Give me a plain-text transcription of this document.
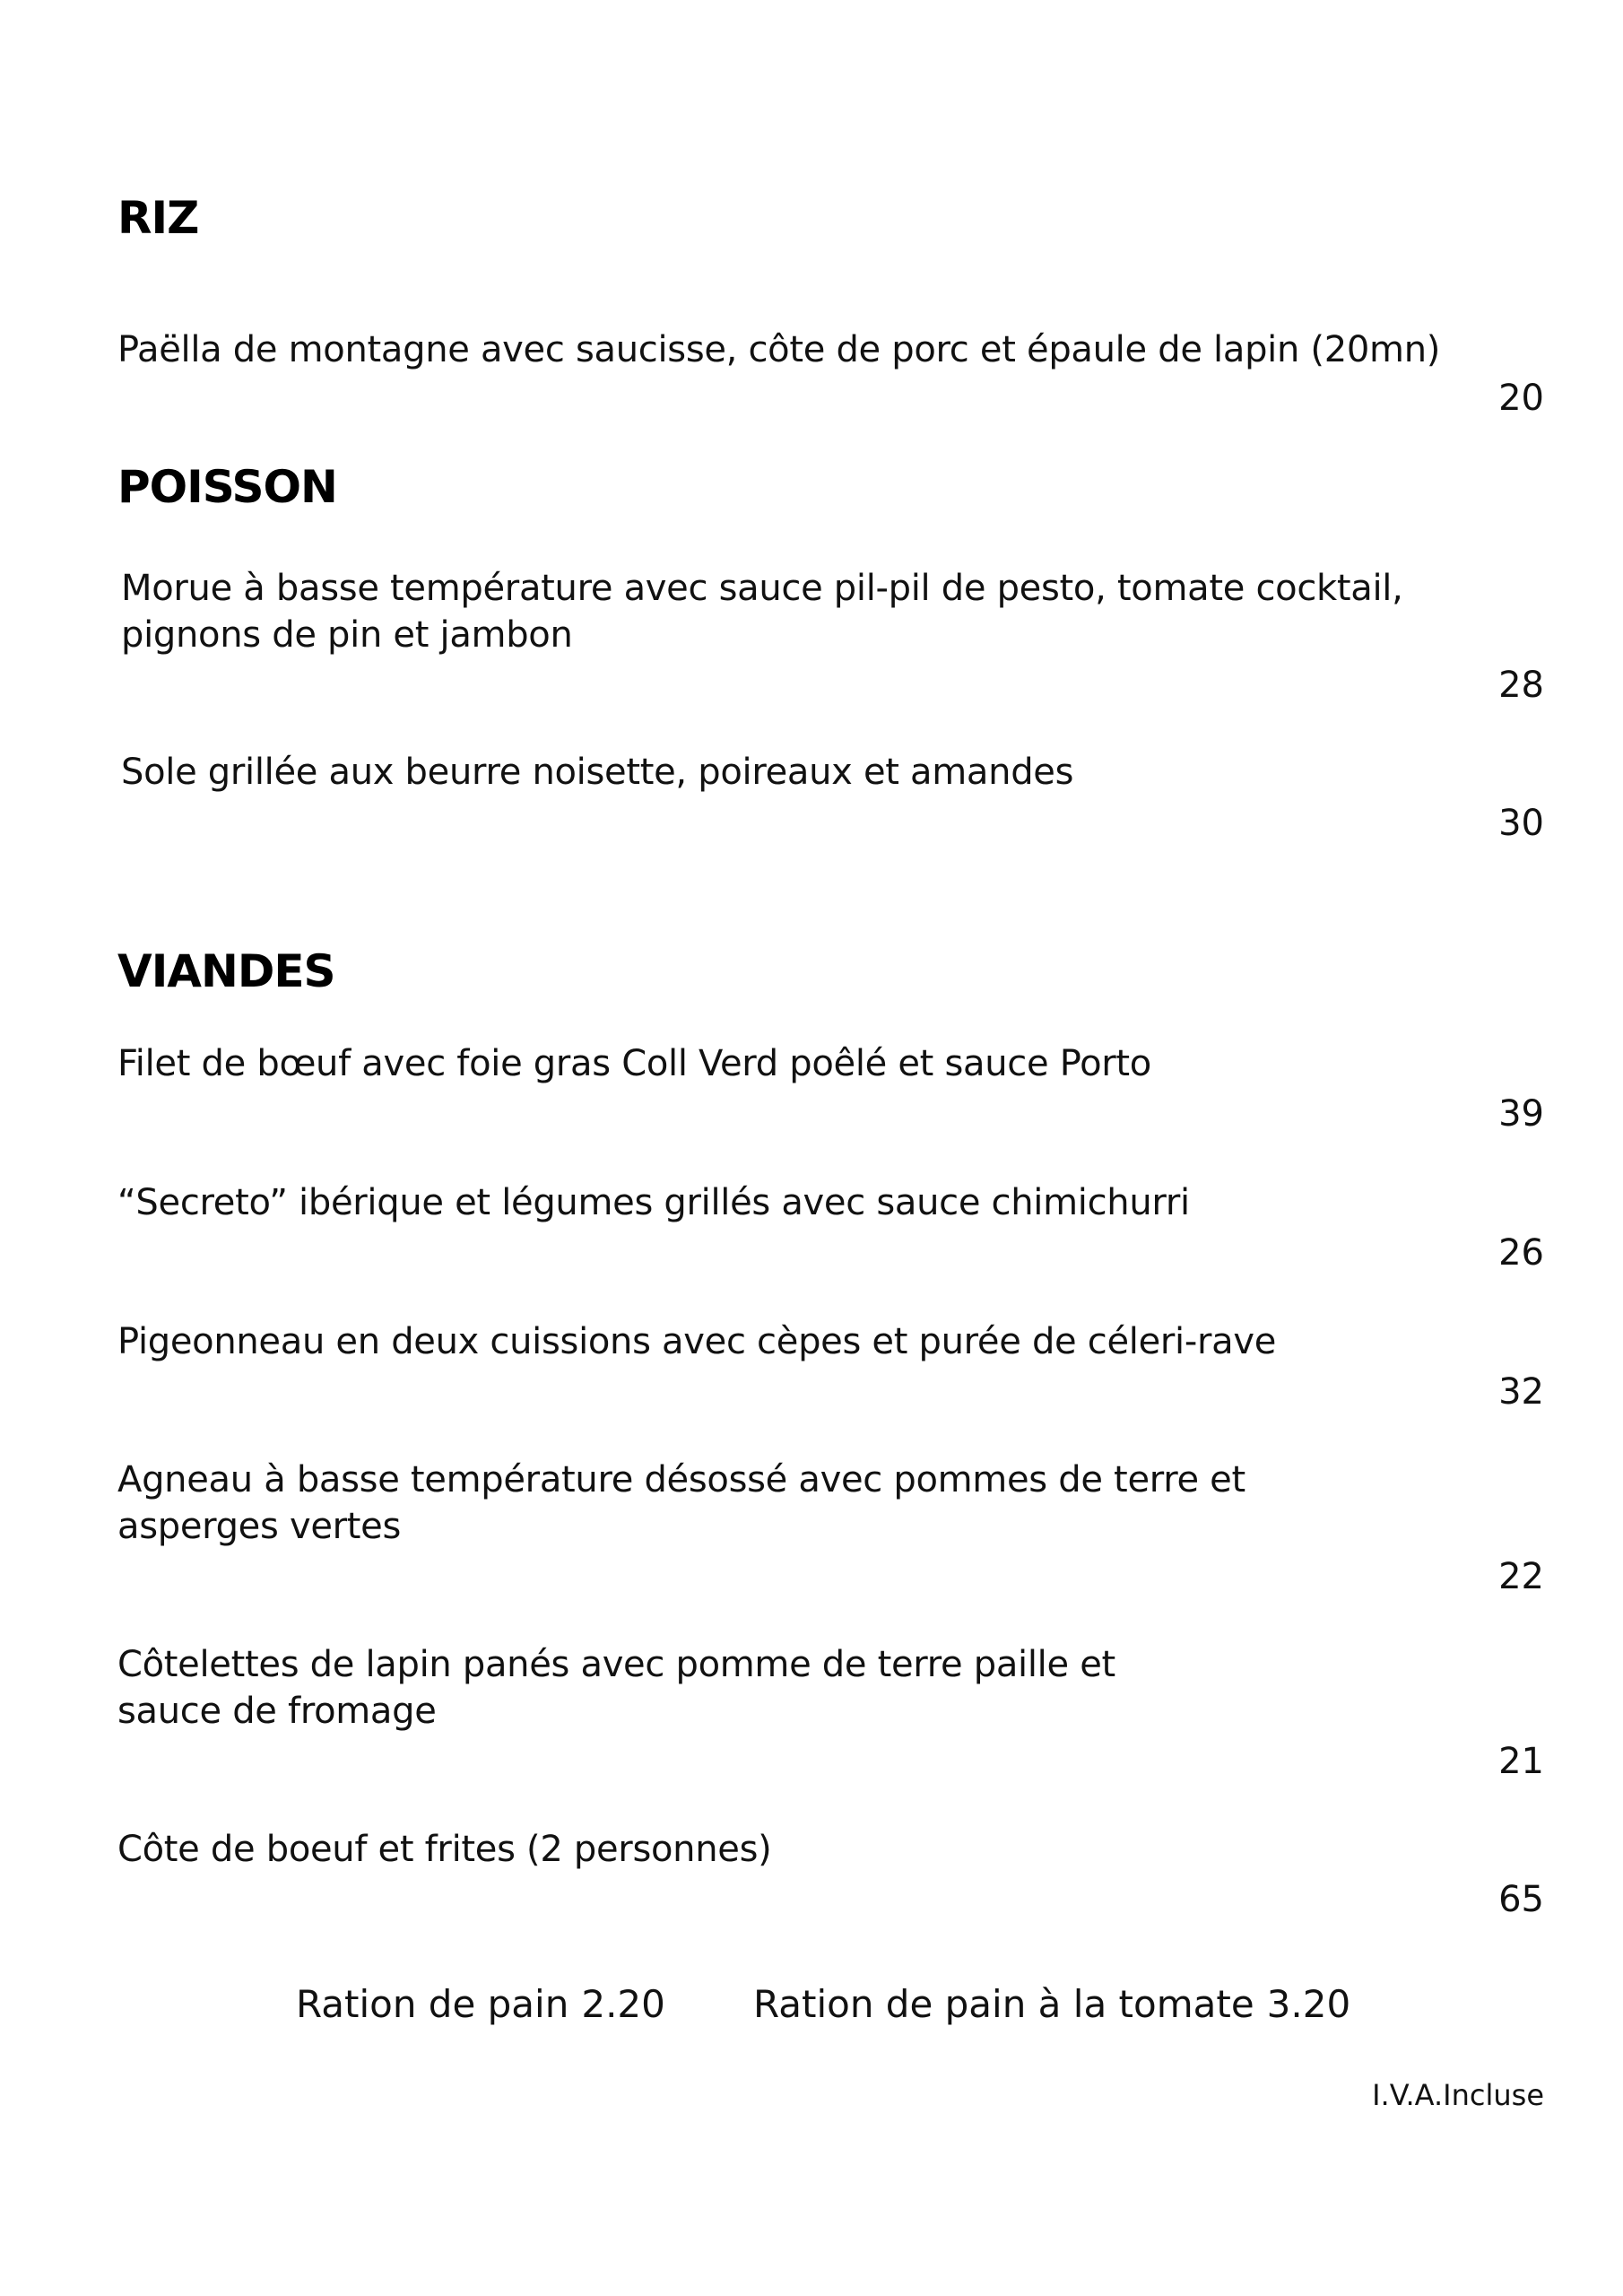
RIZ

Paëlla de montagne avec saucisse, côte de porc et épaule de lapin (20mn)

20

POISSON

Morue à basse température avec sauce pil-pil de pesto, tomate cocktail,

pignons de pin et jambon

28

Sole grillée aux beurre noisette, poireaux et amandes

30

VIANDES

Filet de bœuf avec foie gras Coll Verd poêlé et sauce Porto

39

“Secreto” ibérique et légumes grillés avec sauce chimichurri

26

Pigeonneau en deux cuissions avec cèpes et purée de céleri-rave

32

Agneau à basse température désossé avec pommes de terre et

asperges vertes

22

Côtelettes de lapin panés avec pomme de terre paille et

sauce de fromage

21

Côte de boeuf et frites (2 personnes)

65

Ration de pain 2.20 Ration de pain à la tomate 3.20

I.V.A.Incluse
